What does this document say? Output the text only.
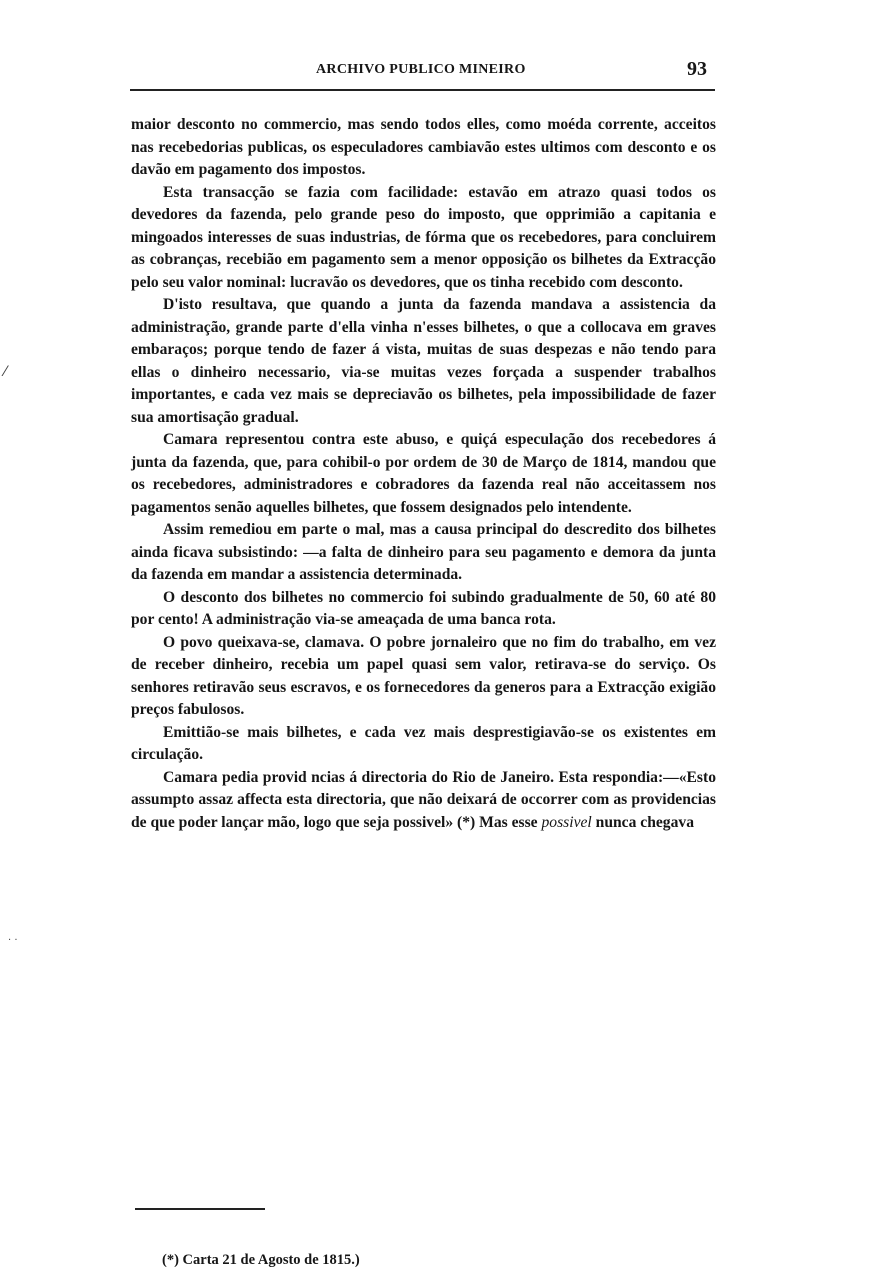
ARCHIVO PUBLICO MINEIRO	93

maior desconto no commercio, mas sendo todos elles, como moéda corrente, acceitos nas recebedorias publicas, os especuladores cambiavão estes ultimos com desconto e os davão em pagamento dos impostos.

Esta transacção se fazia com facilidade: estavão em atrazo quasi todos os devedores da fazenda, pelo grande peso do imposto, que opprimião a capitania e mingoados interesses de suas industrias, de fórma que os recebedores, para concluirem as cobranças, recebião em pagamento sem a menor opposição os bilhetes da Extracção pelo seu valor nominal: lucravão os devedores, que os tinha recebido com desconto.

D'isto resultava, que quando a junta da fazenda mandava a assistencia da administração, grande parte d'ella vinha n'esses bilhetes, o que a collocava em graves embaraços; porque tendo de fazer á vista, muitas de suas despezas e não tendo para ellas o dinheiro necessario, via-se muitas vezes forçada a suspender trabalhos importantes, e cada vez mais se depreciavão os bilhetes, pela impossibilidade de fazer sua amortisação gradual.

Camara representou contra este abuso, e quiçá especulação dos recebedores á junta da fazenda, que, para cohibil-o por ordem de 30 de Março de 1814, mandou que os recebedores, administradores e cobradores da fazenda real não acceitassem nos pagamentos senão aquelles bilhetes, que fossem designados pelo intendente.

Assim remediou em parte o mal, mas a causa principal do descredito dos bilhetes ainda ficava subsistindo: —a falta de dinheiro para seu pagamento e demora da junta da fazenda em mandar a assistencia determinada.

O desconto dos bilhetes no commercio foi subindo gradualmente de 50, 60 até 80 por cento! A administração via-se ameaçada de uma banca rota.

O povo queixava-se, clamava. O pobre jornaleiro que no fim do trabalho, em vez de receber dinheiro, recebia um papel quasi sem valor, retirava-se do serviço. Os senhores retiravão seus escravos, e os fornecedores da generos para a Extracção exigião preços fabulosos.

Emittião-se mais bilhetes, e cada vez mais desprestigiavão-se os existentes em circulação.

Camara pedia provid ncias á directoria do Rio de Janeiro. Esta respondia:—«Esto assumpto assaz affecta esta directoria, que não deixará de occorrer com as providencias de que poder lançar mão, logo que seja possivel» (*) Mas esse possivel nunca chegava

⁄
· ·
(*) Carta 21 de Agosto de 1815.)
